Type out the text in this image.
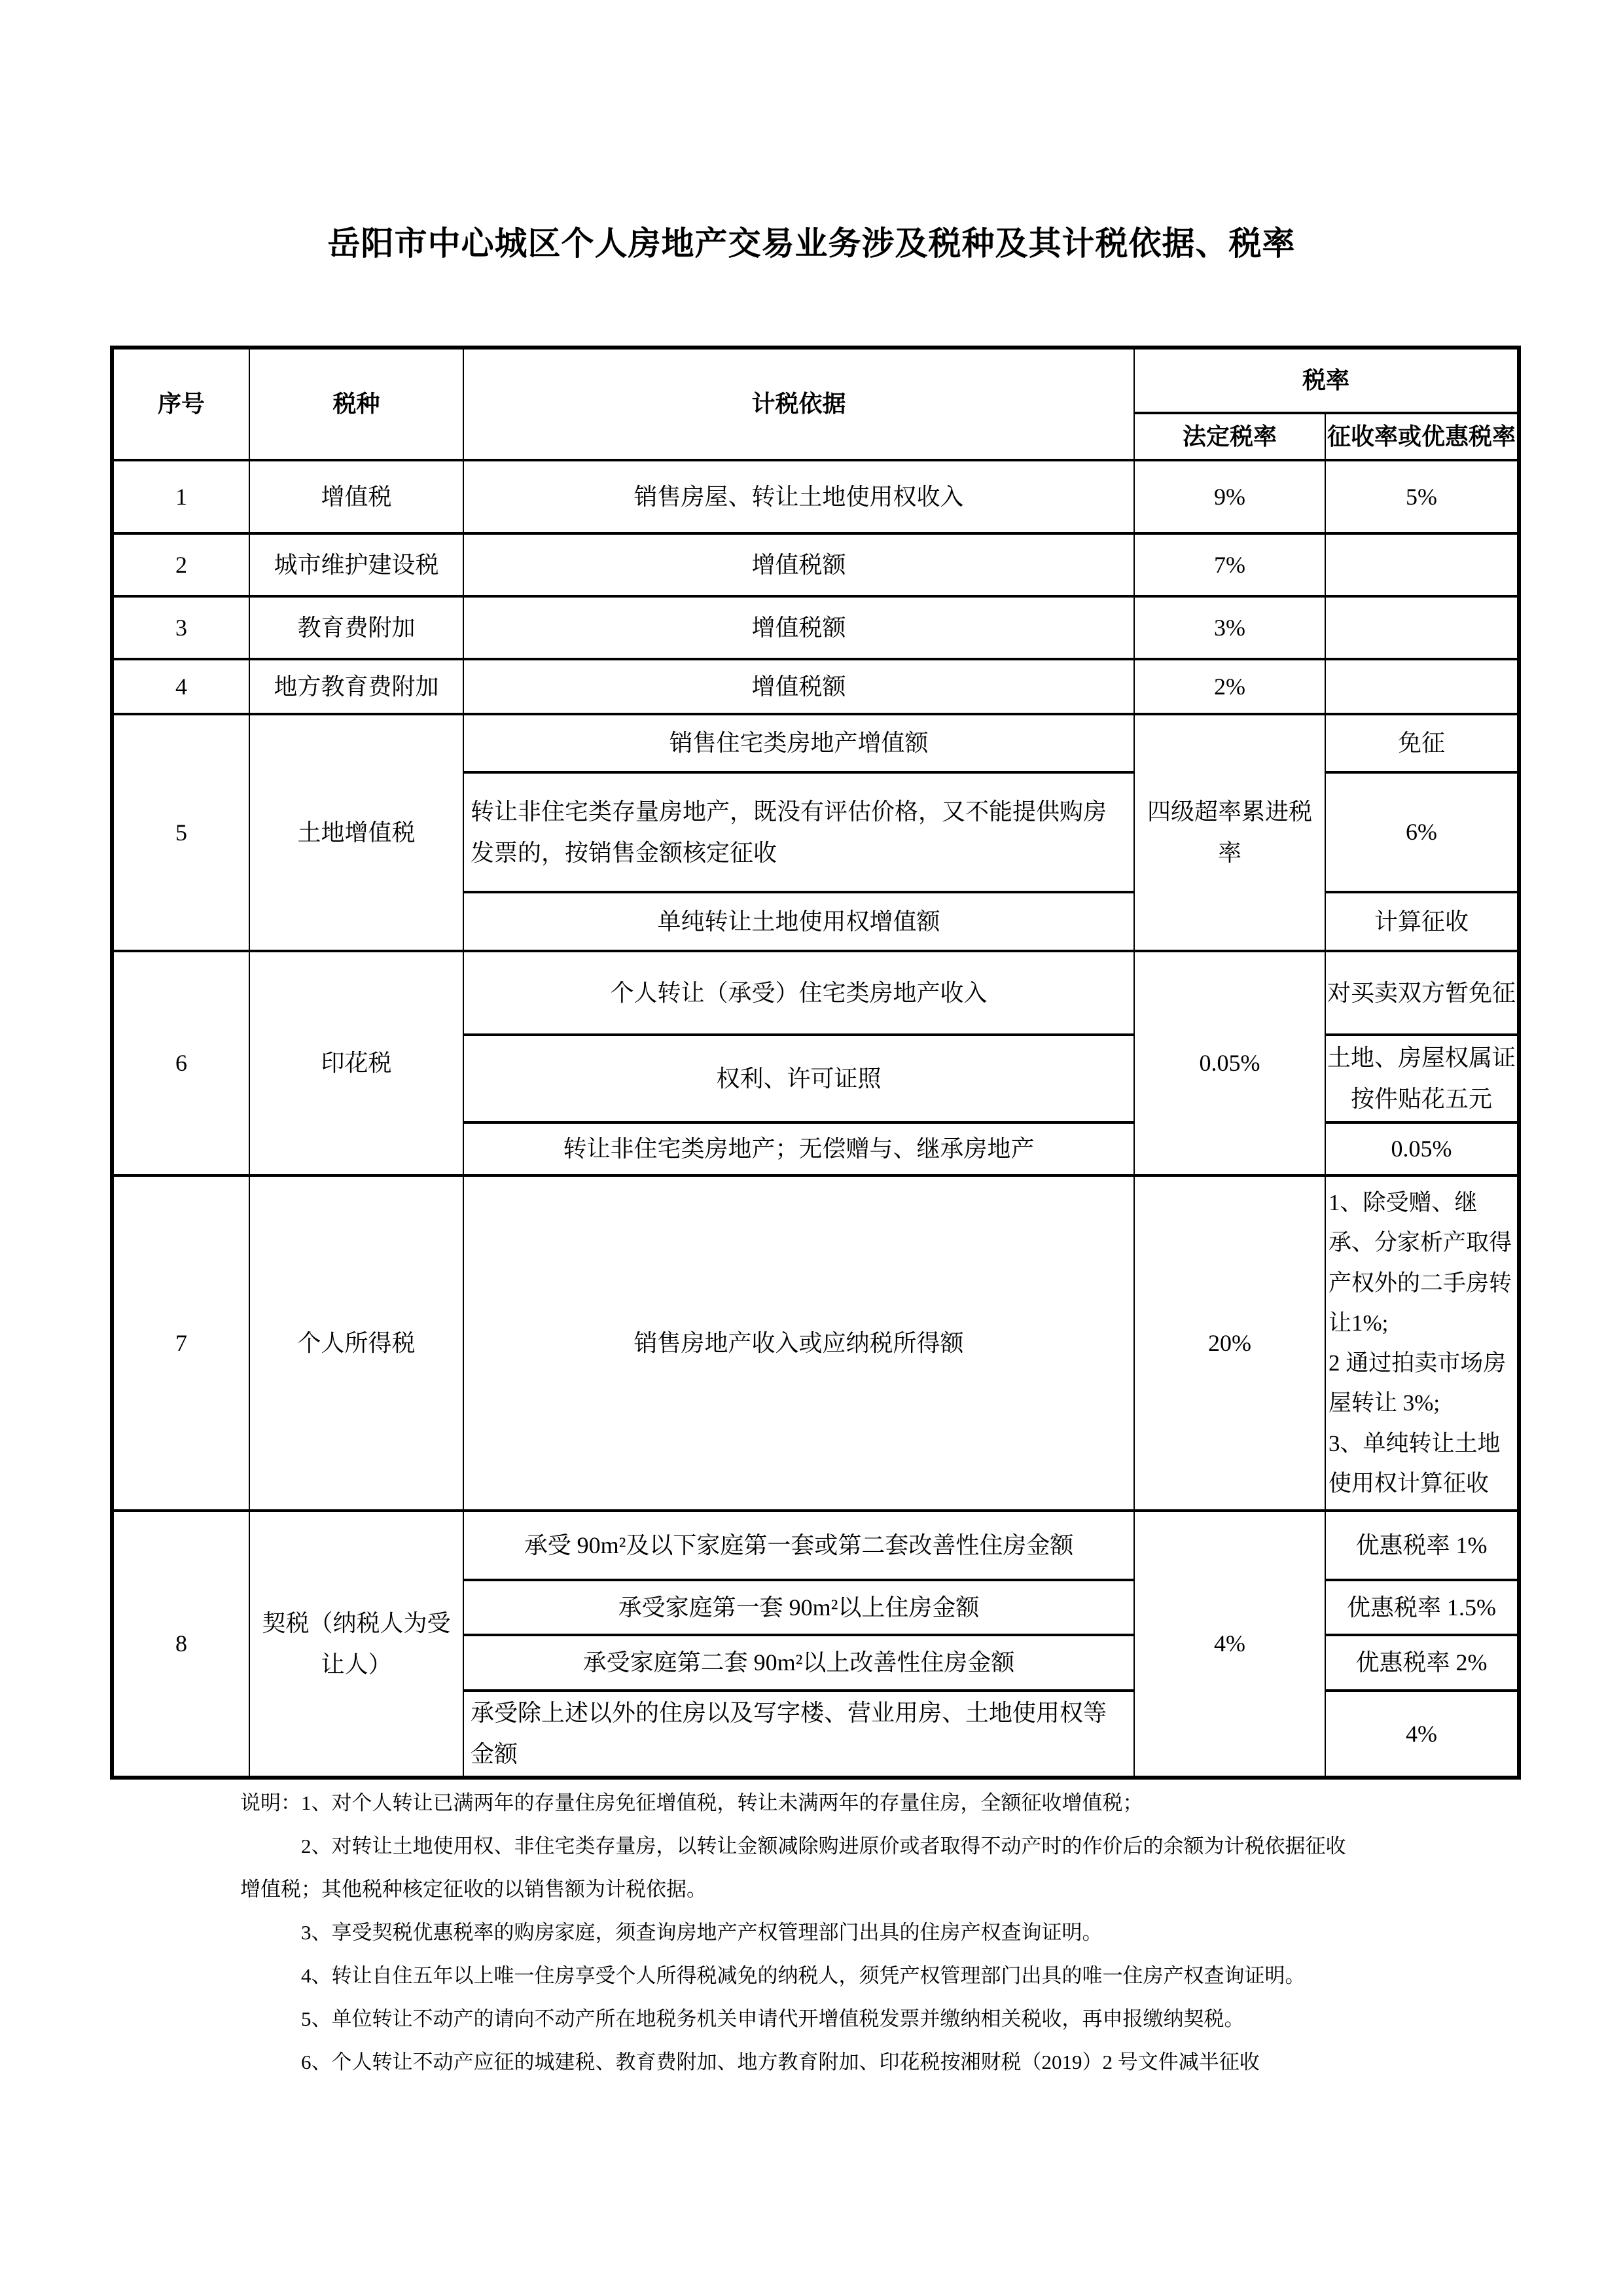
岳阳市中心城区个人房地产交易业务涉及税种及其计税依据、税率
序号	税种	计税依据	税率	
			法定税率	征收率或优惠税率
1	增值税	销售房屋、转让土地使用权收入	9%	5%
2	城市维护建设税	增值税额	7%	
3	教育费附加	增值税额	3%	
4	地方教育费附加	增值税额	2%	
5	土地增值税	销售住宅类房地产增值额	四级超率累进税率	免征
		转让非住宅类存量房地产，既没有评估价格，又不能提供购房发票的，按销售金额核定征收		6%
		单纯转让土地使用权增值额		计算征收
6	印花税	个人转让（承受）住宅类房地产收入	0.05%	对买卖双方暂免征
		权利、许可证照		土地、房屋权属证按件贴花五元
		转让非住宅类房地产；无偿赠与、继承房地产		0.05%
7	个人所得税	销售房地产收入或应纳税所得额	20%	1、除受赠、继承、分家析产取得产权外的二手房转让1%;
2 通过拍卖市场房屋转让 3%;
3、单纯转让土地使用权计算征收

8	契税（纳税人为受让人）	承受 90m²及以下家庭第一套或第二套改善性住房金额	4%	优惠税率 1%
		承受家庭第一套 90m²以上住房金额		优惠税率 1.5%
		承受家庭第二套 90m²以上改善性住房金额		优惠税率 2%
		承受除上述以外的住房以及写字楼、营业用房、土地使用权等金额		4%

说明：1、对个人转让已满两年的存量住房免征增值税，转让未满两年的存量住房，全额征收增值税；

2、对转让土地使用权、非住宅类存量房，以转让金额减除购进原价或者取得不动产时的作价后的余额为计税依据征收增值税；其他税种核定征收的以销售额为计税依据。

3、享受契税优惠税率的购房家庭，须查询房地产产权管理部门出具的住房产权查询证明。

4、转让自住五年以上唯一住房享受个人所得税减免的纳税人，须凭产权管理部门出具的唯一住房产权查询证明。

5、单位转让不动产的请向不动产所在地税务机关申请代开增值税发票并缴纳相关税收，再申报缴纳契税。

6、个人转让不动产应征的城建税、教育费附加、地方教育附加、印花税按湘财税（2019）2 号文件减半征收
